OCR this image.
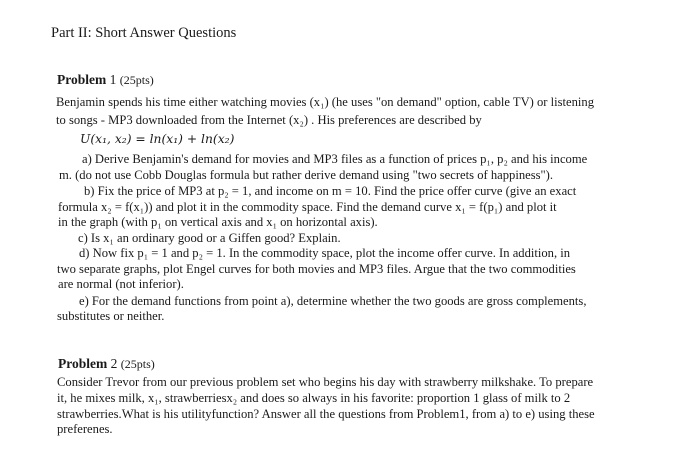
Part II: Short Answer Questions
Problem 1 (25pts)
Benjamin spends his time either watching movies (x₁) (he uses "on demand" option, cable TV) or listening
to songs - MP3 downloaded from the Internet (x₂) . His preferences are described by
U(x₁, x₂) = ln(x₁) + ln(x₂)
a) Derive Benjamin's demand for movies and MP3 files as a function of prices p₁, p₂ and his income
m. (do not use Cobb Douglas formula but rather derive demand using "two secrets of happiness").
b) Fix the price of MP3 at p₂ = 1, and income on m = 10. Find the price offer curve (give an exact
formula x₂ = f(x₁)) and plot it in the commodity space. Find the demand curve x₁ = f(p₁) and plot it
in the graph (with p₁ on vertical axis and x₁ on horizontal axis).
c) Is x₁ an ordinary good or a Giffen good? Explain.
d) Now fix p₁ = 1 and p₂ = 1. In the commodity space, plot the income offer curve. In addition, in
two separate graphs, plot Engel curves for both movies and MP3 files. Argue that the two commodities
are normal (not inferior).
e) For the demand functions from point a), determine whether the two goods are gross complements,
substitutes or neither.
Problem 2 (25pts)
Consider Trevor from our previous problem set who begins his day with strawberry milkshake. To prepare
it, he mixes milk, x₁, strawberriesx₂ and does so always in his favorite: proportion 1 glass of milk to 2
strawberries.What is his utilityfunction? Answer all the questions from Problem1, from a) to e) using these
preferenes.
